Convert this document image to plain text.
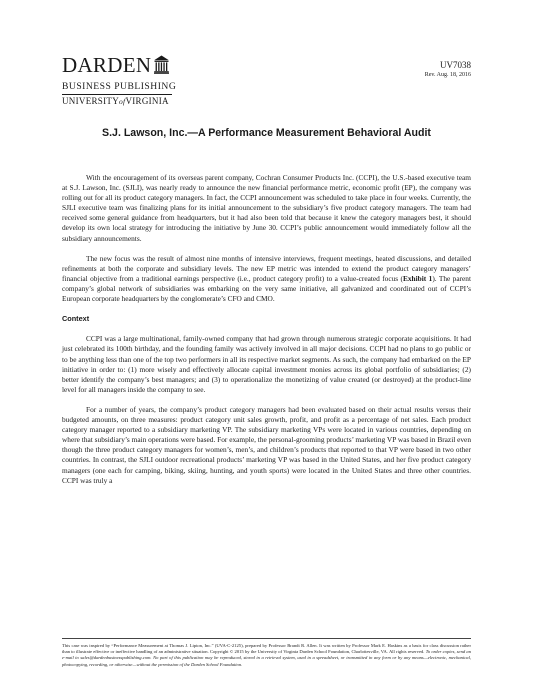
DARDEN
BUSINESS PUBLISHING
UNIVERSITYofVIRGINIA
UV7038
Rev. Aug. 18, 2016
S.J. Lawson, Inc.—A Performance Measurement Behavioral Audit

With the encouragement of its overseas parent company, Cochran Consumer Products Inc. (CCPI), the U.S.-based executive team at S.J. Lawson, Inc. (SJLI), was nearly ready to announce the new financial performance metric, economic profit (EP), the company was rolling out for all its product category managers. In fact, the CCPI announcement was scheduled to take place in four weeks. Currently, the SJLI executive team was finalizing plans for its initial announcement to the subsidiary’s five product category managers. The team had received some general guidance from headquarters, but it had also been told that because it knew the category managers best, it should develop its own local strategy for introducing the initiative by June 30. CCPI’s public announcement would immediately follow all the subsidiary announcements.

The new focus was the result of almost nine months of intensive interviews, frequent meetings, heated discussions, and detailed refinements at both the corporate and subsidiary levels. The new EP metric was intended to extend the product category managers’ financial objective from a traditional earnings perspective (i.e., product category profit) to a value-created focus (Exhibit 1). The parent company’s global network of subsidiaries was embarking on the very same initiative, all galvanized and coordinated out of CCPI’s European corporate headquarters by the conglomerate’s CFO and CMO.

Context

CCPI was a large multinational, family-owned company that had grown through numerous strategic corporate acquisitions. It had just celebrated its 100th birthday, and the founding family was actively involved in all major decisions. CCPI had no plans to go public or to be anything less than one of the top two performers in all its respective market segments. As such, the company had embarked on the EP initiative in order to: (1) more wisely and effectively allocate capital investment monies across its global portfolio of subsidiaries; (2) better identify the company’s best managers; and (3) to operationalize the monetizing of value created (or destroyed) at the product-line level for all managers inside the company to see.

For a number of years, the company’s product category managers had been evaluated based on their actual results versus their budgeted amounts, on three measures: product category unit sales growth, profit, and profit as a percentage of net sales. Each product category manager reported to a subsidiary marketing VP. The subsidiary marketing VPs were located in various countries, depending on where that subsidiary’s main operations were based. For example, the personal-grooming products’ marketing VP was based in Brazil even though the three product category managers for women’s, men’s, and children’s products that reported to that VP were based in two other countries. In contrast, the SJLI outdoor recreational products’ marketing VP was based in the United States, and her five product category managers (one each for camping, biking, skiing, hunting, and youth sports) were located in the United States and three other countries. CCPI was truly a

This case was inspired by “Performance Measurement at Thomas J. Lipton, Inc.” (UVA-C-2125), prepared by Professor Brandt R. Allen. It was written by Professor Mark E. Haskins as a basis for class discussion rather than to illustrate effective or ineffective handling of an administrative situation. Copyright © 2015 by the University of Virginia Darden School Foundation, Charlottesville, VA. All rights reserved. To order copies, send an e-mail to sales@dardenbusinesspublishing.com. No part of this publication may be reproduced, stored in a retrieval system, used in a spreadsheet, or transmitted in any form or by any means—electronic, mechanical, photocopying, recording, or otherwise—without the permission of the Darden School Foundation.
